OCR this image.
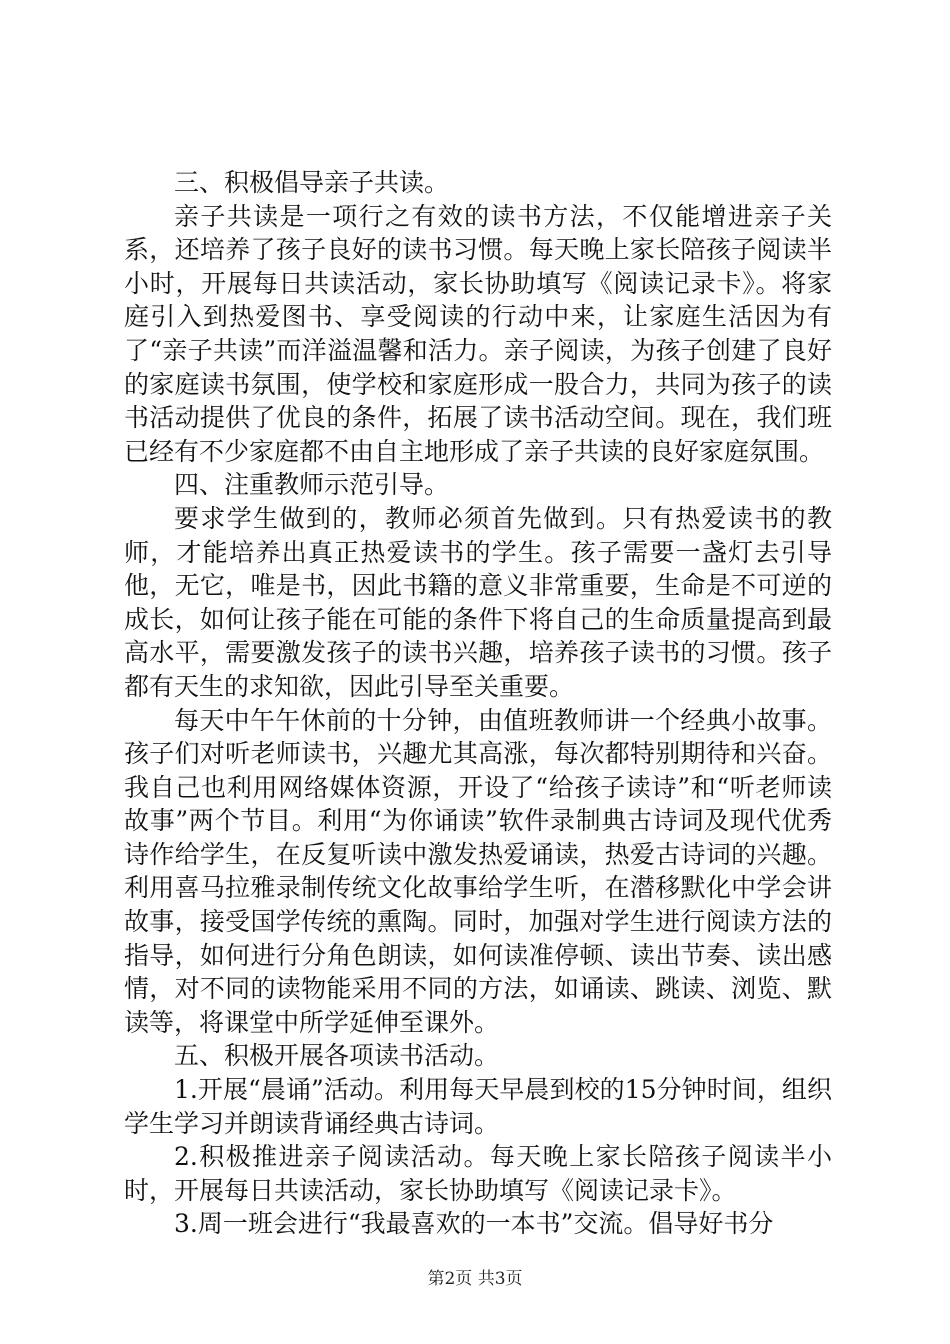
三、积极倡导亲子共读。

亲子共读是一项行之有效的读书方法，不仅能增进亲子关系，还培养了孩子良好的读书习惯。每天晚上家长陪孩子阅读半小时，开展每日共读活动，家长协助填写《阅读记录卡》。将家庭引入到热爱图书、享受阅读的行动中来，让家庭生活因为有了“亲子共读”而洋溢温馨和活力。亲子阅读，为孩子创建了良好的家庭读书氛围，使学校和家庭形成一股合力，共同为孩子的读书活动提供了优良的条件，拓展了读书活动空间。现在，我们班已经有不少家庭都不由自主地形成了亲子共读的良好家庭氛围。

四、注重教师示范引导。

要求学生做到的，教师必须首先做到。只有热爱读书的教师，才能培养出真正热爱读书的学生。孩子需要一盏灯去引导他，无它，唯是书，因此书籍的意义非常重要，生命是不可逆的成长，如何让孩子能在可能的条件下将自己的生命质量提高到最高水平，需要激发孩子的读书兴趣，培养孩子读书的习惯。孩子都有天生的求知欲，因此引导至关重要。

每天中午午休前的十分钟，由值班教师讲一个经典小故事。孩子们对听老师读书，兴趣尤其高涨，每次都特别期待和兴奋。我自己也利用网络媒体资源，开设了“给孩子读诗”和“听老师读故事”两个节目。利用“为你诵读”软件录制典古诗词及现代优秀诗作给学生，在反复听读中激发热爱诵读，热爱古诗词的兴趣。利用喜马拉雅录制传统文化故事给学生听，在潜移默化中学会讲故事，接受国学传统的熏陶。同时，加强对学生进行阅读方法的指导，如何进行分角色朗读，如何读准停顿、读出节奏、读出感情，对不同的读物能采用不同的方法，如诵读、跳读、浏览、默读等，将课堂中所学延伸至课外。

五、积极开展各项读书活动。

1.开展“晨诵”活动。利用每天早晨到校的15分钟时间，组织学生学习并朗读背诵经典古诗词。

2.积极推进亲子阅读活动。每天晚上家长陪孩子阅读半小时，开展每日共读活动，家长协助填写《阅读记录卡》。

3.周一班会进行“我最喜欢的一本书”交流。倡导好书分

第2页 共3页
